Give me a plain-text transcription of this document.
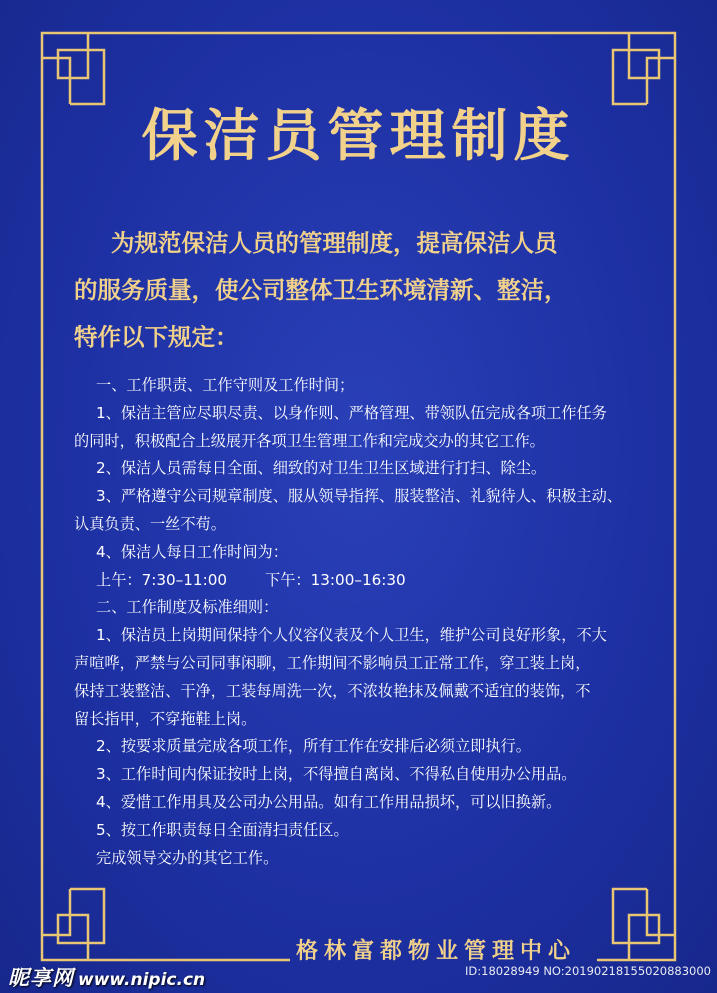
保洁员管理制度
为规范保洁人员的管理制度，提高保洁人员
的服务质量，使公司整体卫生环境清新、整洁，
特作以下规定：
一、工作职责、工作守则及工作时间；
1、保洁主管应尽职尽责、以身作则、严格管理、带领队伍完成各项工作任务
的同时，积极配合上级展开各项卫生管理工作和完成交办的其它工作。
2、保洁人员需每日全面、细致的对卫生卫生区域进行打扫、除尘。
3、严格遵守公司规章制度、服从领导指挥、服装整洁、礼貌待人、积极主动、
认真负责、一丝不苟。
4、保洁人每日工作时间为：
上午：7:30–11:00	下午：13:00–16:30
二、工作制度及标准细则：
1、保洁员上岗期间保持个人仪容仪表及个人卫生，维护公司良好形象，不大
声喧哗，严禁与公司同事闲聊，工作期间不影响员工正常工作，穿工装上岗，
保持工装整洁、干净，工装每周洗一次，不浓妆艳抹及佩戴不适宜的装饰，不
留长指甲，不穿拖鞋上岗。
2、按要求质量完成各项工作，所有工作在安排后必须立即执行。
3、工作时间内保证按时上岗，不得擅自离岗、不得私自使用办公用品。
4、爱惜工作用具及公司办公用品。如有工作用品损坏，可以旧换新。
5、按工作职责每日全面清扫责任区。
完成领导交办的其它工作。
格林富都物业管理中心
昵享网 www.nipic.cn	ID:18028949 NO:20190218155020883000
